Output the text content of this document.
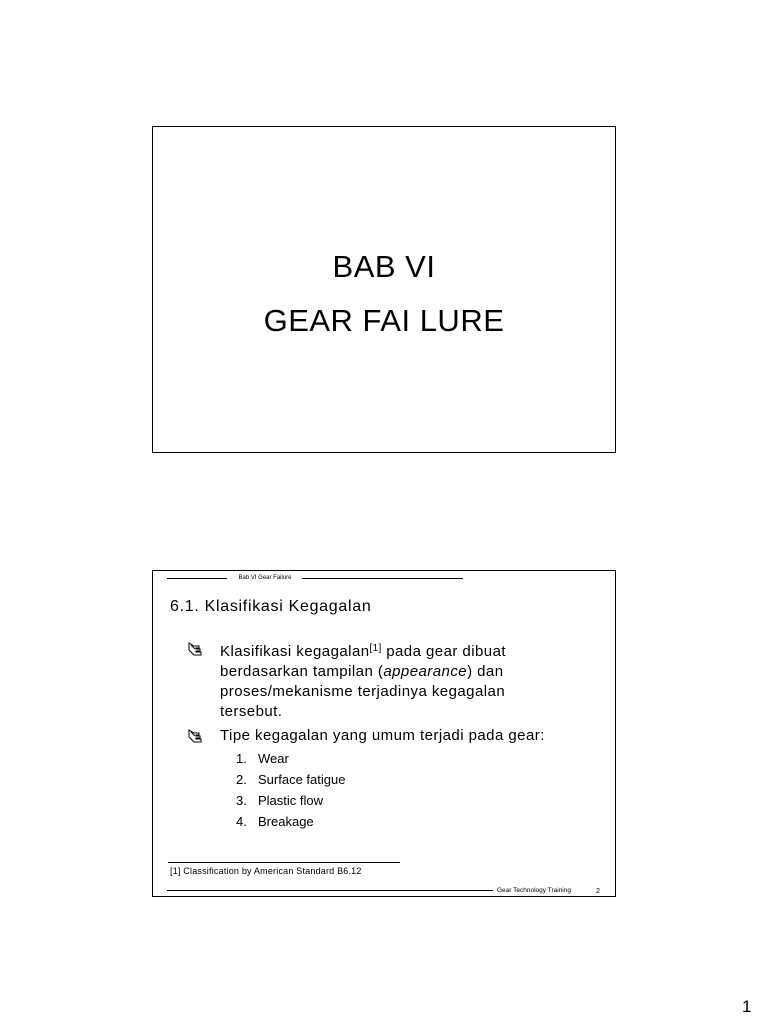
BAB VI
GEAR FAI LURE
Bab VI Gear Failure
6.1. Klasifikasi Kegagalan
Klasifikasi kegagalan[1] pada gear dibuat
berdasarkan tampilan (appearance) dan
proses/mekanisme terjadinya kegagalan
tersebut.
Tipe kegagalan yang umum terjadi pada gear:
1. Wear
2. Surface fatigue
3. Plastic flow
4. Breakage
[1] Classification by American Standard B6.12
Gear Technology Training	2
1
